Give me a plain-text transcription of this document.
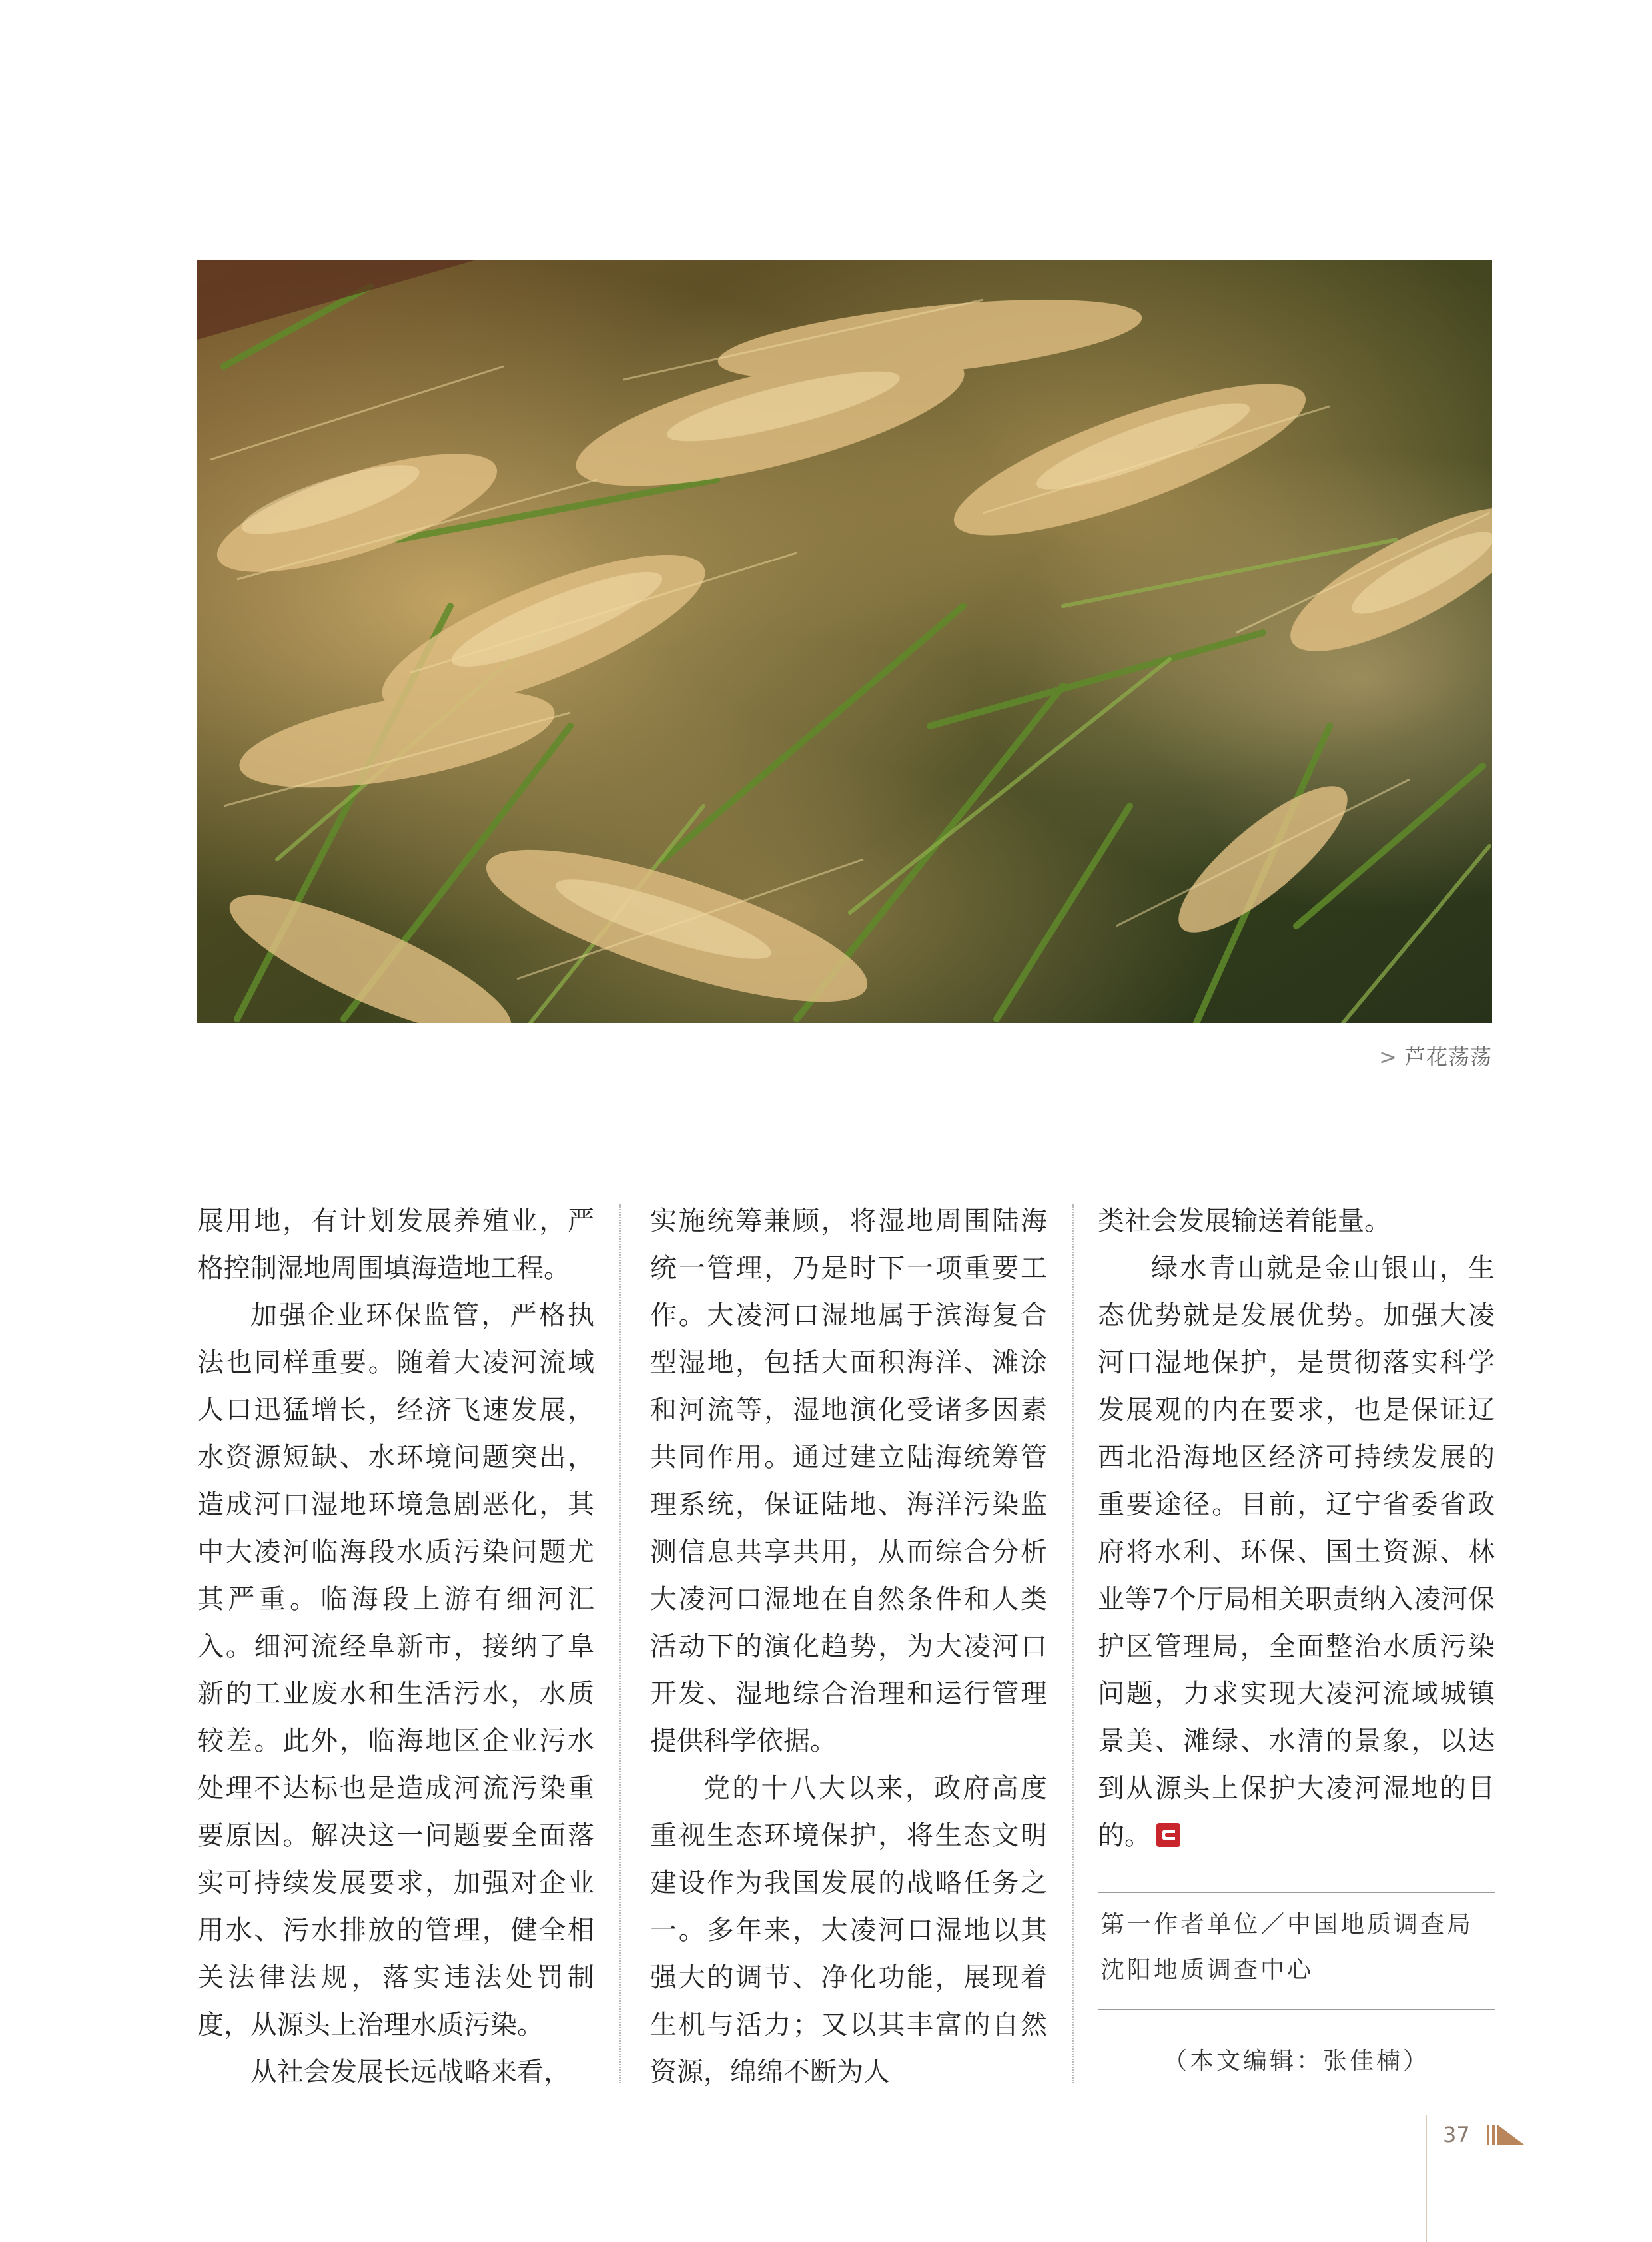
> 芦花荡荡

展用地，有计划发展养殖业，严格控制湿地周围填海造地工程。

加强企业环保监管，严格执法也同样重要。随着大凌河流域人口迅猛增长，经济飞速发展，水资源短缺、水环境问题突出，造成河口湿地环境急剧恶化，其中大凌河临海段水质污染问题尤其严重。临海段上游有细河汇入。细河流经阜新市，接纳了阜新的工业废水和生活污水，水质较差。此外，临海地区企业污水处理不达标也是造成河流污染重要原因。解决这一问题要全面落实可持续发展要求，加强对企业用水、污水排放的管理，健全相关法律法规，落实违法处罚制度，从源头上治理水质污染。

从社会发展长远战略来看，

实施统筹兼顾，将湿地周围陆海统一管理，乃是时下一项重要工作。大凌河口湿地属于滨海复合型湿地，包括大面积海洋、滩涂和河流等，湿地演化受诸多因素共同作用。通过建立陆海统筹管理系统，保证陆地、海洋污染监测信息共享共用，从而综合分析大凌河口湿地在自然条件和人类活动下的演化趋势，为大凌河口开发、湿地综合治理和运行管理提供科学依据。

党的十八大以来，政府高度重视生态环境保护，将生态文明建设作为我国发展的战略任务之一。多年来，大凌河口湿地以其强大的调节、净化功能，展现着生机与活力；又以其丰富的自然资源，绵绵不断为人

类社会发展输送着能量。

绿水青山就是金山银山，生态优势就是发展优势。加强大凌河口湿地保护，是贯彻落实科学发展观的内在要求，也是保证辽西北沿海地区经济可持续发展的重要途径。目前，辽宁省委省政府将水利、环保、国土资源、林业等7个厅局相关职责纳入凌河保护区管理局，全面整治水质污染问题，力求实现大凌河流域城镇景美、滩绿、水清的景象，以达到从源头上保护大凌河湿地的目的。

第一作者单位／中国地质调查局
沈阳地质调查中心
（本文编辑：张佳楠）
37
